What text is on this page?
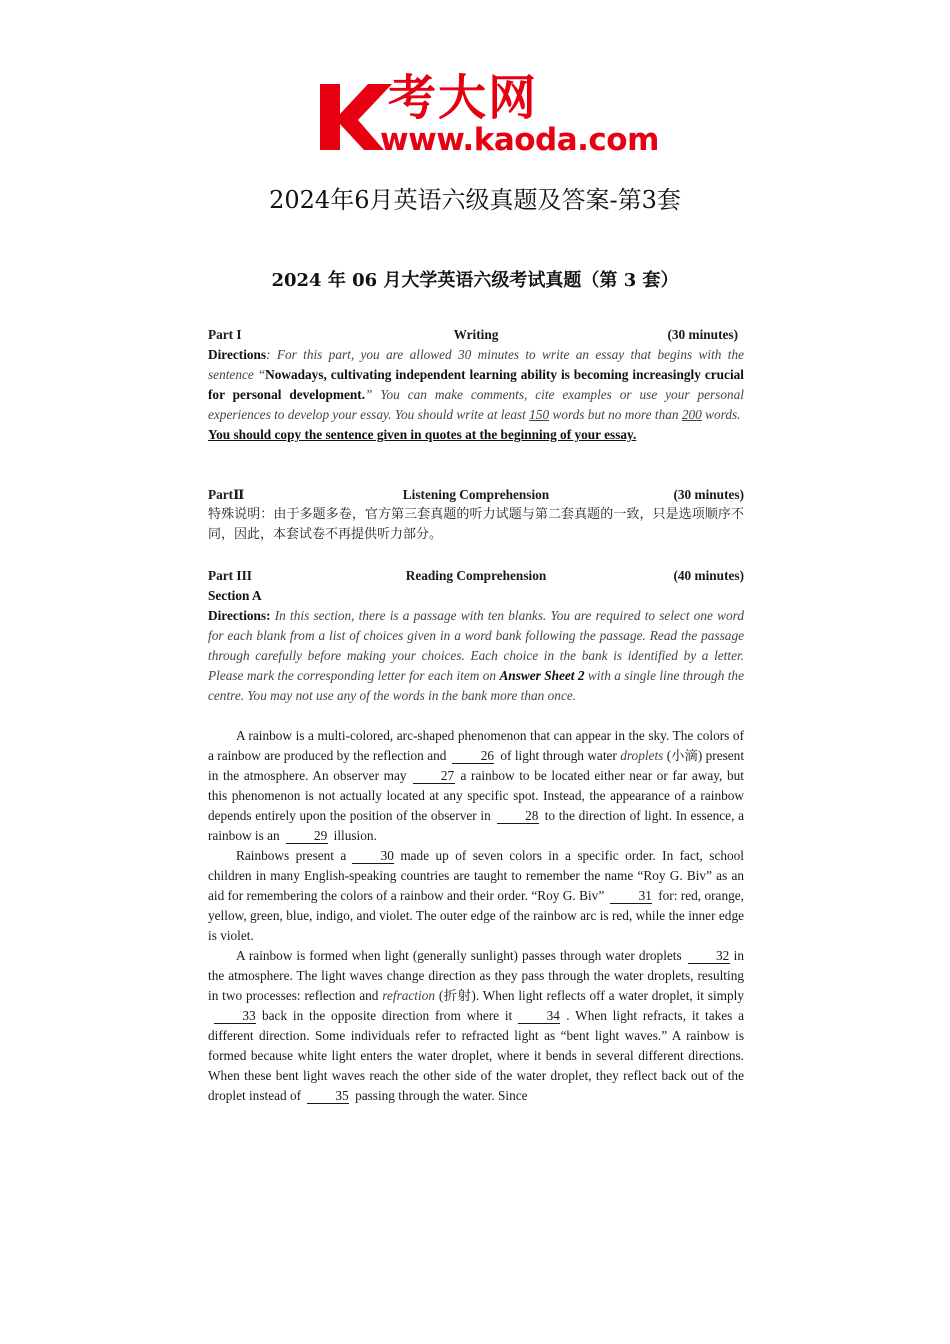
考大网
www.kaoda.com
2024年6月英语六级真题及答案-第3套
2024 年 06 月大学英语六级考试真题（第 3 套）
Part I	Writing	(30 minutes)
Directions: For this part, you are allowed 30 minutes to write an essay that begins with the sentence “Nowadays, cultivating independent learning ability is becoming increasingly crucial for personal development.” You can make comments, cite examples or use your personal experiences to develop your essay. You should write at least 150 words but no more than 200 words.
You should copy the sentence given in quotes at the beginning of your essay.
PartⅡ	Listening Comprehension	(30 minutes)
特殊说明：由于多题多卷，官方第三套真题的听力试题与第二套真题的一致，只是选项顺序不同，因此，本套试卷不再提供听力部分。
Part III	Reading Comprehension	(40 minutes)
Section A
Directions: In this section, there is a passage with ten blanks. You are required to select one word for each blank from a list of choices given in a word bank following the passage. Read the passage through carefully before making your choices. Each choice in the bank is identified by a letter. Please mark the corresponding letter for each item on Answer Sheet 2 with a single line through the centre. You may not use any of the words in the bank more than once.
A rainbow is a multi-colored, arc-shaped phenomenon that can appear in the sky. The colors of a rainbow are produced by the reflection and	26 of light through water droplets (小滴) present in the atmosphere. An observer may	27 a rainbow to be located either near or far away, but this phenomenon is not actually located at any specific spot. Instead, the appearance of a rainbow depends entirely upon the position of the observer in	28 to the direction of light. In essence, a rainbow is an	29 illusion.
Rainbows present a	30 made up of seven colors in a specific order. In fact, school children in many English-speaking countries are taught to remember the name “Roy G. Biv” as an aid for remembering the colors of a rainbow and their order. “Roy G. Biv”	31 for: red, orange, yellow, green, blue, indigo, and violet. The outer edge of the rainbow arc is red, while the inner edge is violet.
A rainbow is formed when light (generally sunlight) passes through water droplets	32 in the atmosphere. The light waves change direction as they pass through the water droplets, resulting in two processes: reflection and refraction (折射). When light reflects off a water droplet, it simply33 back in the opposite direction from where it	34 . When light refracts, it takes a different direction. Some individuals refer to refracted light as “bent light waves.” A rainbow is formed because white light enters the water droplet, where it bends in several different directions. When these bent light waves reach the other side of the water droplet, they reflect back out of the droplet instead of	35 passing through the water. Since
